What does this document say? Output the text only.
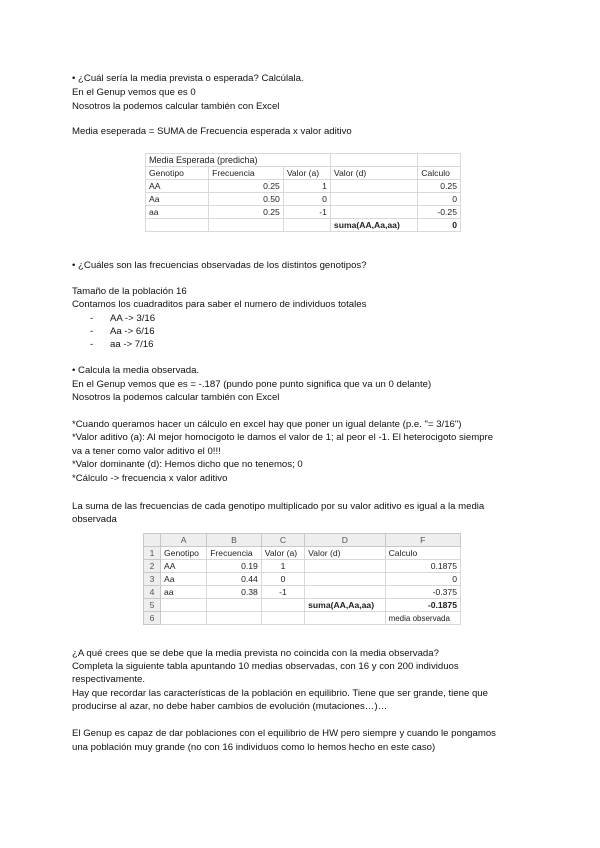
• ¿Cuál sería la media prevista o esperada? Calcúlala.
En el Genup vemos que es 0
Nosotros la podemos calcular también con Excel
Media eseperada = SUMA de Frecuencia esperada x valor aditivo
Media Esperada (predicha)				
Genotipo	Frecuencia	Valor (a)	Valor (d)	Calculo
AA	0.25	1		0.25
Aa	0.50	0		0
aa	0.25	-1		-0.25
			suma(AA,Aa,aa)	0
• ¿Cuáles son las frecuencias observadas de los distintos genotipos?
Tamaño de la población 16
Contamos los cuadraditos para saber el numero de individuos totales
- AA -> 3/16
- Aa -> 6/16
- aa -> 7/16
• Calcula la media observada.
En el Genup vemos que es = -.187 (pundo pone punto significa que va un 0 delante)
Nosotros la podemos calcular también con Excel
*Cuando queramos hacer un cálculo en excel hay que poner un igual delante (p.e. "= 3/16")
*Valor aditivo (a): Al mejor homocigoto le damos el valor de 1; al peor el -1. El heterocigoto siempre
va a tener como valor aditivo el 0!!!
*Valor dominante (d): Hemos dicho que no tenemos; 0
*Cálculo -> frecuencia x valor aditivo
La suma de las frecuencias de cada genotipo multiplicado por su valor aditivo es igual a la media
observada
	A	B	C	D	F
1	Genotipo	Frecuencia	Valor (a)	Valor (d)	Calculo
2	AA	0.19	1		0.1875
3	Aa	0.44	0		0
4	aa	0.38	-1		-0.375
5				suma(AA,Aa,aa)	-0.1875
6					media observada
¿A qué crees que se debe que la media prevista no coincida con la media observada?
Completa la siguiente tabla apuntando 10 medias observadas, con 16 y con 200 individuos
respectivamente.
Hay que recordar las características de la población en equilibrio. Tiene que ser grande, tiene que
producirse al azar, no debe haber cambios de evolución (mutaciones…)…
El Genup es capaz de dar poblaciones con el equilibrio de HW pero siempre y cuando le pongamos
una población muy grande (no con 16 individuos como lo hemos hecho en este caso)
